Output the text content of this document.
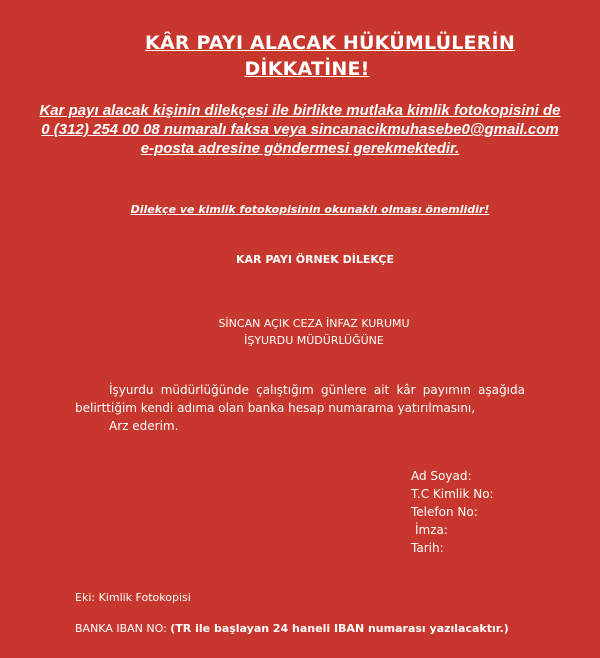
KÂR PAYI ALACAK HÜKÜMLÜLERİN
DİKKATİNE!
Kar payı alacak kişinin dilekçesi ile birlikte mutlaka kimlik fotokopisini de
0 (312) 254 00 08 numaralı faksa veya sincanacikmuhasebe0@gmail.com
e-posta adresine göndermesi gerekmektedir.
Dilekçe ve kimlik fotokopisinin okunaklı olması önemlidir!
KAR PAYI ÖRNEK DİLEKÇE
SİNCAN AÇIK CEZA İNFAZ KURUMU
İŞYURDU MÜDÜRLÜĞÜNE
İşyurdu müdürlüğünde çalıştığım günlere ait kâr payımın aşağıda belirttiğim kendi adıma olan banka hesap numarama yatırılmasını,
Arz ederim.
Ad Soyad:
T.C Kimlik No:
Telefon No:
İmza:
Tarih:
Eki: Kimlik Fotokopisi
BANKA IBAN NO: (TR ile başlayan 24 haneli IBAN numarası yazılacaktır.)
